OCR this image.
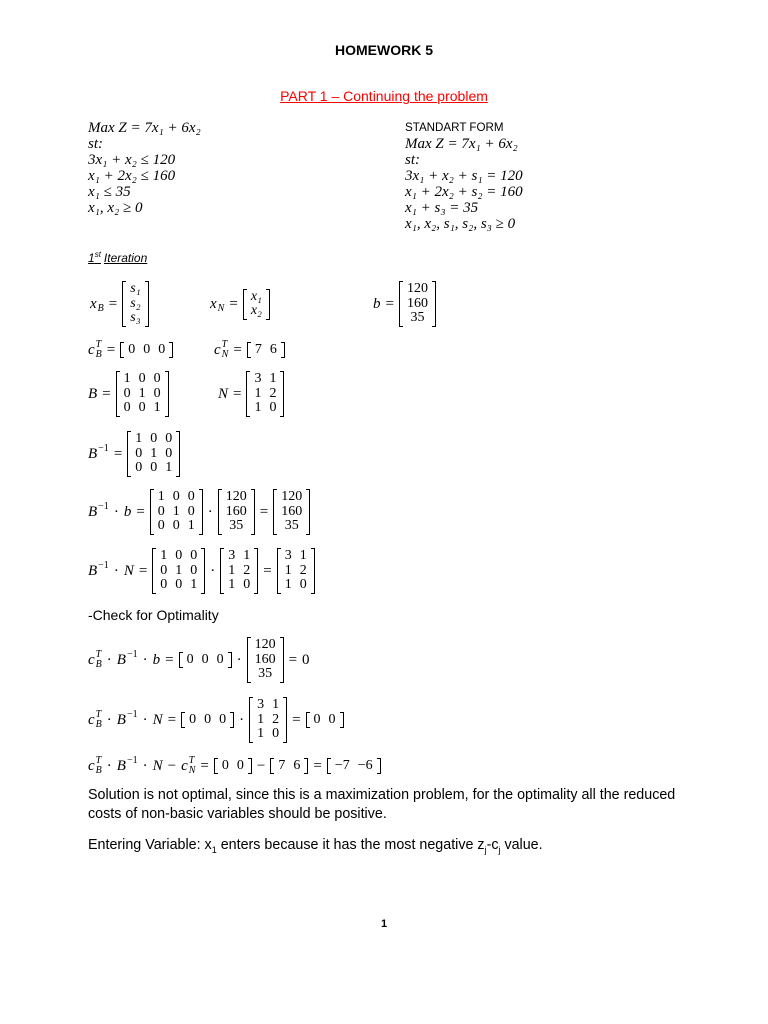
HOMEWORK 5
PART 1 – Continuing the problem
Max Z = 7x₁ + 6x₂
st:
3x₁ + x₂ ≤ 120
x₁ + 2x₂ ≤ 160
x₁ ≤ 35
x₁, x₂ ≥ 0
STANDART FORM
Max Z = 7x₁ + 6x₂
st:
3x₁ + x₂ + s₁ = 120
x₁ + 2x₂ + s₂ = 160
x₁ + s₃ = 35
x₁, x₂, s₁, s₂, s₃ ≥ 0
1st Iteration
x B =
s₁
s₂
s₃
x N = x₁
x₂	b =
120
160
35
c T
B = 0 0 0	c T
N = 7 6
B =
1 0 0
0 1 0
0 0 1
N =
3 1
1 2
1 0
B −1 =
1 0 0
0 1 0
0 0 1
B −1 · b =
1 0 0
0 1 0
0 0 1
·
120
160
35
=
120
160
35
B −1 · N =
1 0 0
0 1 0
0 0 1
·
3 1
1 2
1 0
=
3 1
1 2
1 0
-Check for Optimality
c T
B · B −1 · b = 0 0 0 ·
120
160
35
= 0
c T
B · B −1 · N = 0 0 0 ·
3 1
1 2
1 0
= 0 0
c T
B · B −1 · N − c T
N = 0 0 − 7 6 = −7 −6
Solution is not optimal, since this is a maximization problem, for the optimality all the reduced costs of non-basic variables should be positive.
Entering Variable: $x_1$ enters because it has the most negative $z_j-c_j$ value.
1
